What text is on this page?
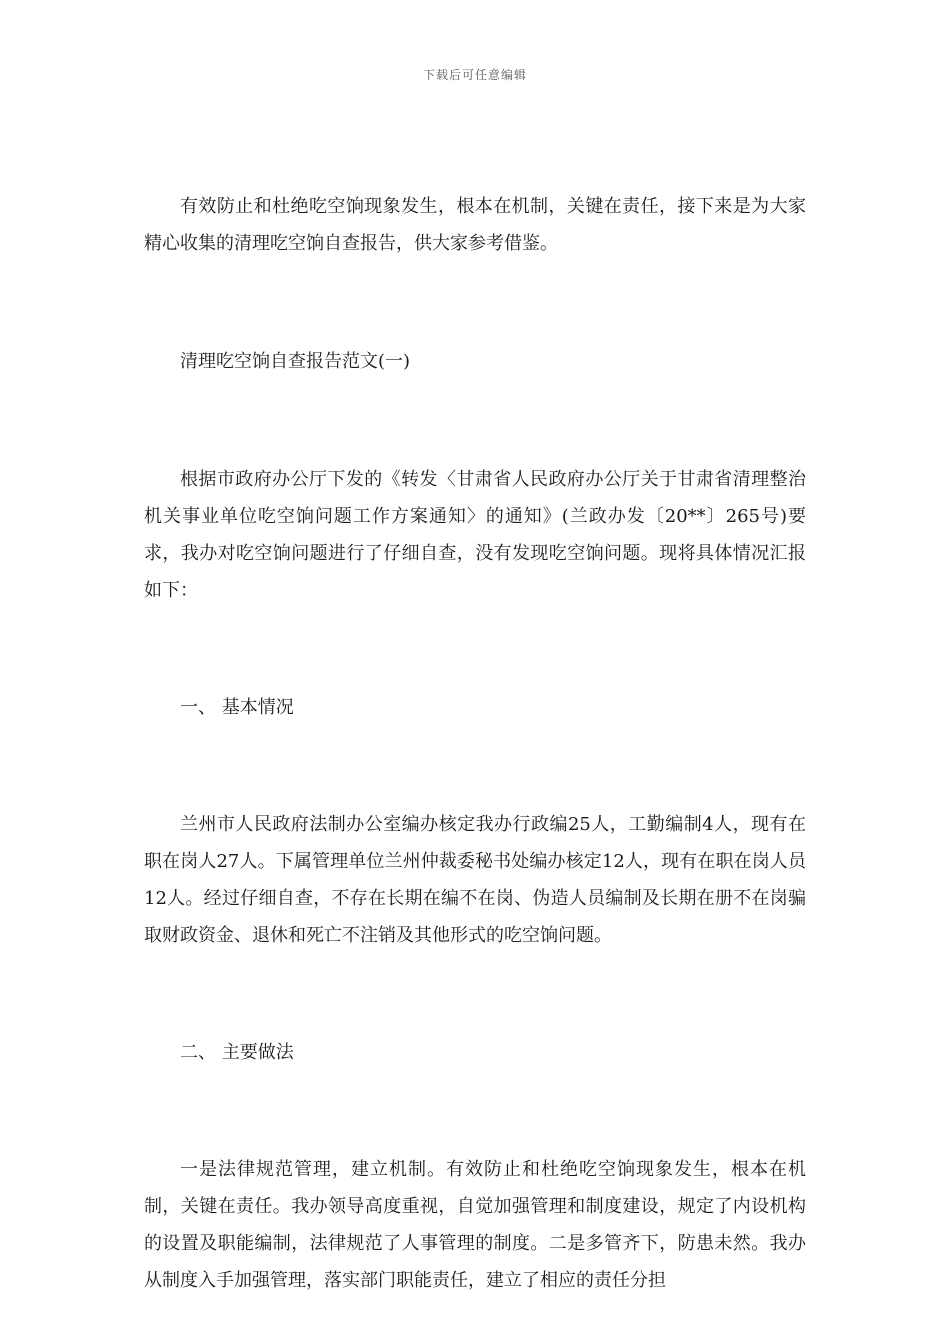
下载后可任意编辑

有效防止和杜绝吃空饷现象发生，根本在机制，关键在责任，接下来是为大家精心收集的清理吃空饷自查报告，供大家参考借鉴。

清理吃空饷自查报告范文(一)

根据市政府办公厅下发的《转发〈甘肃省人民政府办公厅关于甘肃省清理整治机关事业单位吃空饷问题工作方案通知〉的通知》(兰政办发〔20**〕265号)要求，我办对吃空饷问题进行了仔细自查，没有发现吃空饷问题。现将具体情况汇报如下：

一、 基本情况

兰州市人民政府法制办公室编办核定我办行政编25人，工勤编制4人，现有在职在岗人27人。下属管理单位兰州仲裁委秘书处编办核定12人，现有在职在岗人员12人。经过仔细自查，不存在长期在编不在岗、伪造人员编制及长期在册不在岗骗取财政资金、退休和死亡不注销及其他形式的吃空饷问题。

二、 主要做法

一是法律规范管理，建立机制。有效防止和杜绝吃空饷现象发生，根本在机制，关键在责任。我办领导高度重视，自觉加强管理和制度建设，规定了内设机构的设置及职能编制，法律规范了人事管理的制度。二是多管齐下，防患未然。我办从制度入手加强管理，落实部门职能责任，建立了相应的责任分担
